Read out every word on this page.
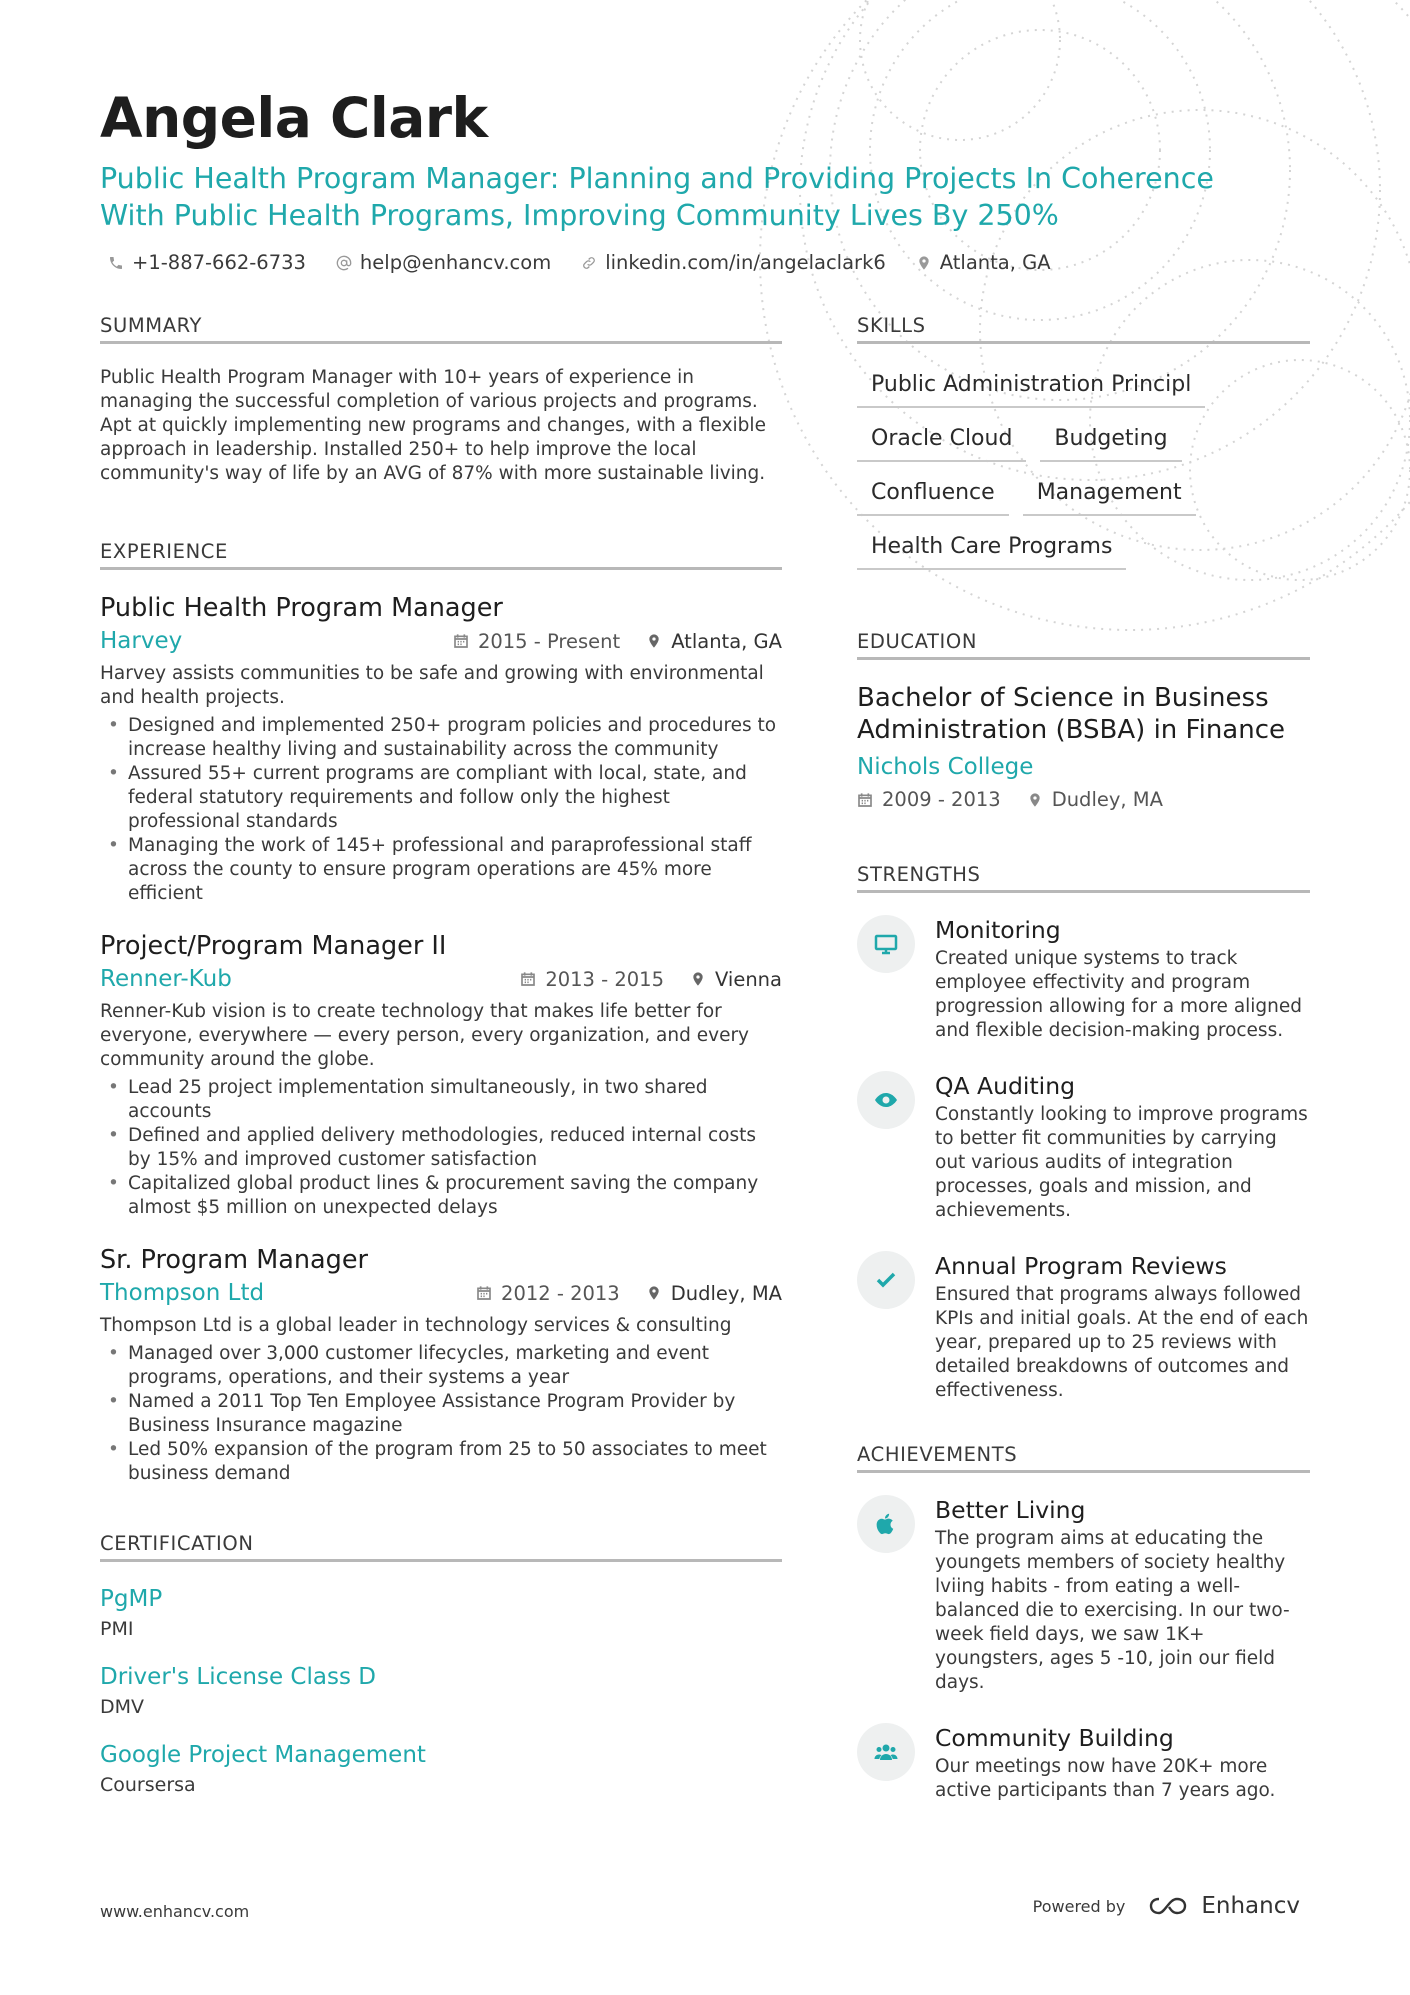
Angela Clark
Public Health Program Manager: Planning and Providing Projects In Coherence
With Public Health Programs, Improving Community Lives By 250%
+1-887-662-6733	help@enhancv.com	linkedin.com/in/angelaclark6	Atlanta, GA
SUMMARY
Public Health Program Manager with 10+ years of experience in managing the successful completion of various projects and programs. Apt at quickly implementing new programs and changes, with a flexible approach in leadership. Installed 250+ to help improve the local community's way of life by an AVG of 87% with more sustainable living.
EXPERIENCE
Public Health Program Manager
Harvey	2015 - Present	Atlanta, GA
Harvey assists communities to be safe and growing with environmental and health projects.
• Designed and implemented 250+ program policies and procedures to increase healthy living and sustainability across the community
• Assured 55+ current programs are compliant with local, state, and federal statutory requirements and follow only the highest professional standards
• Managing the work of 145+ professional and paraprofessional staff across the county to ensure program operations are 45% more efficient
Project/Program Manager II
Renner-Kub	2013 - 2015	Vienna
Renner-Kub vision is to create technology that makes life better for everyone, everywhere — every person, every organization, and every community around the globe.
• Lead 25 project implementation simultaneously, in two shared accounts
• Defined and applied delivery methodologies, reduced internal costs by 15% and improved customer satisfaction
• Capitalized global product lines & procurement saving the company almost $5 million on unexpected delays
Sr. Program Manager
Thompson Ltd	2012 - 2013	Dudley, MA
Thompson Ltd is a global leader in technology services & consulting
• Managed over 3,000 customer lifecycles, marketing and event programs, operations, and their systems a year
• Named a 2011 Top Ten Employee Assistance Program Provider by Business Insurance magazine
• Led 50% expansion of the program from 25 to 50 associates to meet business demand
CERTIFICATION
PgMP
PMI
Driver's License Class D
DMV
Google Project Management
Coursersa
SKILLS
Public Administration Principl
Oracle Cloud	Budgeting
Confluence	Management
Health Care Programs
EDUCATION
Bachelor of Science in Business Administration (BSBA) in Finance
Nichols College
2009 - 2013	Dudley, MA
STRENGTHS
Monitoring
Created unique systems to track employee effectivity and program progression allowing for a more aligned and flexible decision-making process.
QA Auditing
Constantly looking to improve programs to better fit communities by carrying out various audits of integration processes, goals and mission, and achievements.
Annual Program Reviews
Ensured that programs always followed KPIs and initial goals. At the end of each year, prepared up to 25 reviews with detailed breakdowns of outcomes and effectiveness.
ACHIEVEMENTS
Better Living
The program aims at educating the youngets members of society healthy lviing habits - from eating a well-balanced die to exercising. In our two-week field days, we saw 1K+ youngsters, ages 5 -10, join our field days.
Community Building
Our meetings now have 20K+ more active participants than 7 years ago.
www.enhancv.com	Powered by	Enhancv
